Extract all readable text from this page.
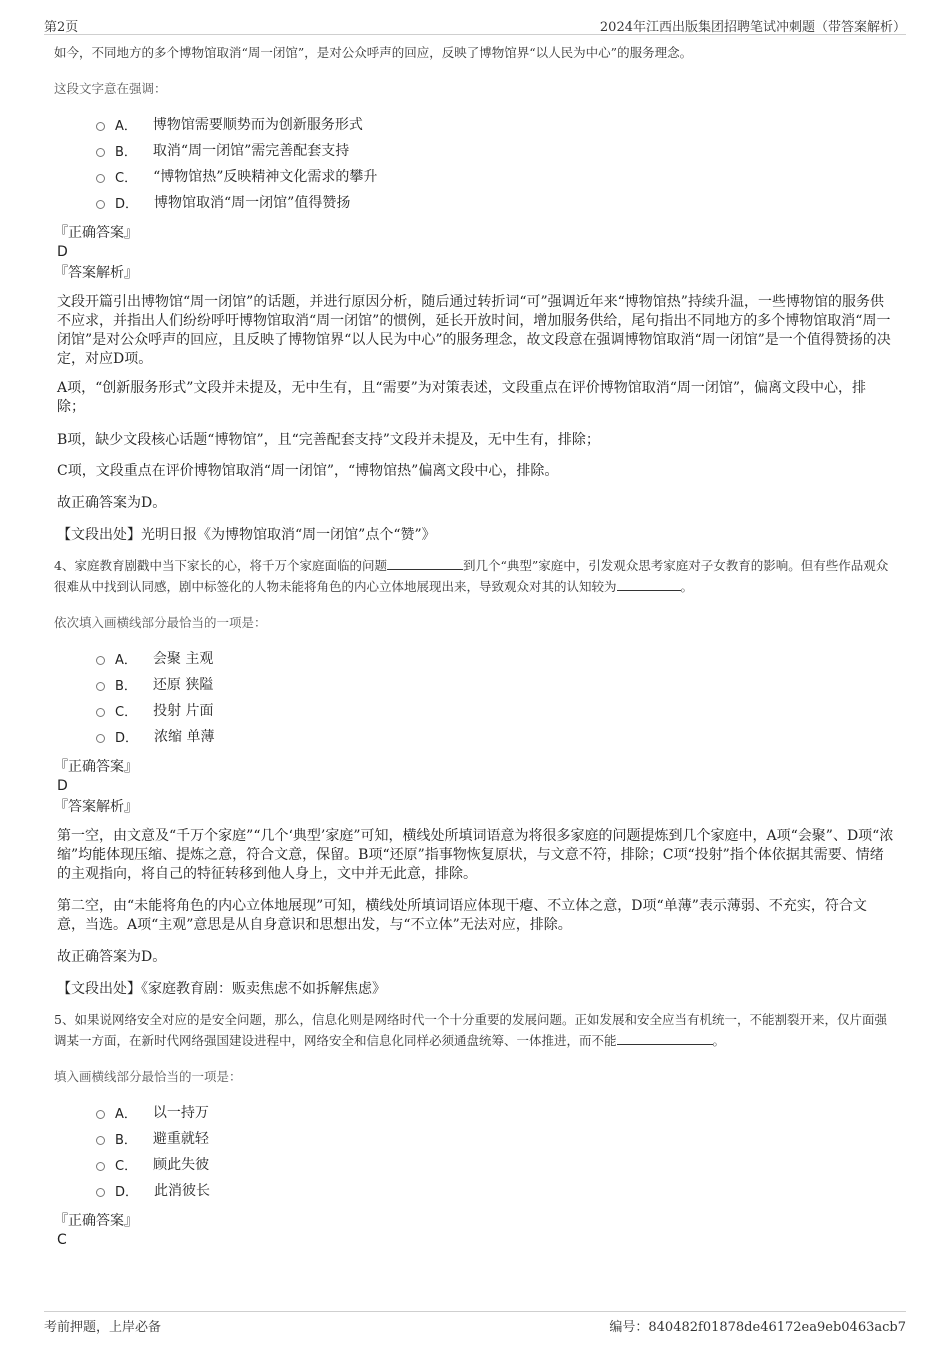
第2页	2024年江西出版集团招聘笔试冲刺题（带答案解析）

如今，不同地方的多个博物馆取消“周一闭馆”，是对公众呼声的回应，反映了博物馆界“以人民为中心”的服务理念。

这段文字意在强调：

A． 博物馆需要顺势而为创新服务形式
B． 取消“周一闭馆”需完善配套支持
C． “博物馆热”反映精神文化需求的攀升
D． 博物馆取消“周一闭馆”值得赞扬

『正确答案』

D

『答案解析』

文段开篇引出博物馆“周一闭馆”的话题，并进行原因分析，随后通过转折词“可”强调近年来“博物馆热”持续升温，一些博物馆的服务供不应求，并指出人们纷纷呼吁博物馆取消“周一闭馆”的惯例，延长开放时间，增加服务供给，尾句指出不同地方的多个博物馆取消“周一闭馆”是对公众呼声的回应，且反映了博物馆界“以人民为中心”的服务理念，故文段意在强调博物馆取消“周一闭馆”是一个值得赞扬的决定，对应D项。

A项，“创新服务形式”文段并未提及，无中生有，且“需要”为对策表述，文段重点在评价博物馆取消“周一闭馆”，偏离文段中心，排除；

B项，缺少文段核心话题“博物馆”，且“完善配套支持”文段并未提及，无中生有，排除；

C项，文段重点在评价博物馆取消“周一闭馆”，“博物馆热”偏离文段中心，排除。

故正确答案为D。

【文段出处】光明日报《为博物馆取消“周一闭馆”点个“赞”》

4、家庭教育剧戳中当下家长的心，将千万个家庭面临的问题	到几个“典型”家庭中，引发观众思考家庭对子女教育的影响。但有些作品观众很难从中找到认同感，剧中标签化的人物未能将角色的内心立体地展现出来，导致观众对其的认知较为	。

依次填入画横线部分最恰当的一项是：

A． 会聚 主观
B． 还原 狭隘
C． 投射 片面
D． 浓缩 单薄

『正确答案』

D

『答案解析』

第一空，由文意及“千万个家庭”“几个‘典型’家庭”可知，横线处所填词语意为将很多家庭的问题提炼到几个家庭中，A项“会聚”、D项“浓缩”均能体现压缩、提炼之意，符合文意，保留。B项“还原”指事物恢复原状，与文意不符，排除；C项“投射”指个体依据其需要、情绪的主观指向，将自己的特征转移到他人身上，文中并无此意，排除。

第二空，由“未能将角色的内心立体地展现”可知，横线处所填词语应体现干瘪、不立体之意，D项“单薄”表示薄弱、不充实，符合文意，当选。A项“主观”意思是从自身意识和思想出发，与“不立体”无法对应，排除。

故正确答案为D。

【文段出处】《家庭教育剧：贩卖焦虑不如拆解焦虑》

5、如果说网络安全对应的是安全问题，那么，信息化则是网络时代一个十分重要的发展问题。正如发展和安全应当有机统一，不能割裂开来，仅片面强调某一方面，在新时代网络强国建设进程中，网络安全和信息化同样必须通盘统筹、一体推进，而不能	。

填入画横线部分最恰当的一项是：

A． 以一持万
B． 避重就轻
C． 顾此失彼
D． 此消彼长

『正确答案』

C

考前押题，上岸必备	编号：840482f01878de46172ea9eb0463acb7
